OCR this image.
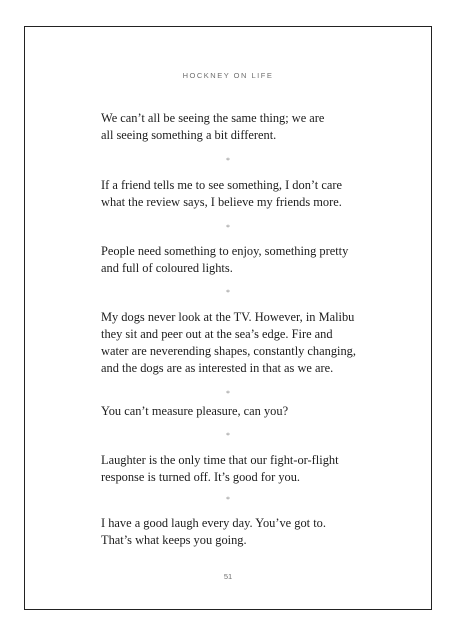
HOCKNEY ON LIFE

We can’t all be seeing the same thing; we are
all seeing something a bit different.

*

If a friend tells me to see something, I don’t care
what the review says, I believe my friends more.

*

People need something to enjoy, something pretty
and full of coloured lights.

*

My dogs never look at the TV. However, in Malibu
they sit and peer out at the sea’s edge. Fire and
water are neverending shapes, constantly changing,
and the dogs are as interested in that as we are.

*

You can’t measure pleasure, can you?

*

Laughter is the only time that our fight-or-flight
response is turned off. It’s good for you.

*

I have a good laugh every day. You’ve got to.
That’s what keeps you going.

51
